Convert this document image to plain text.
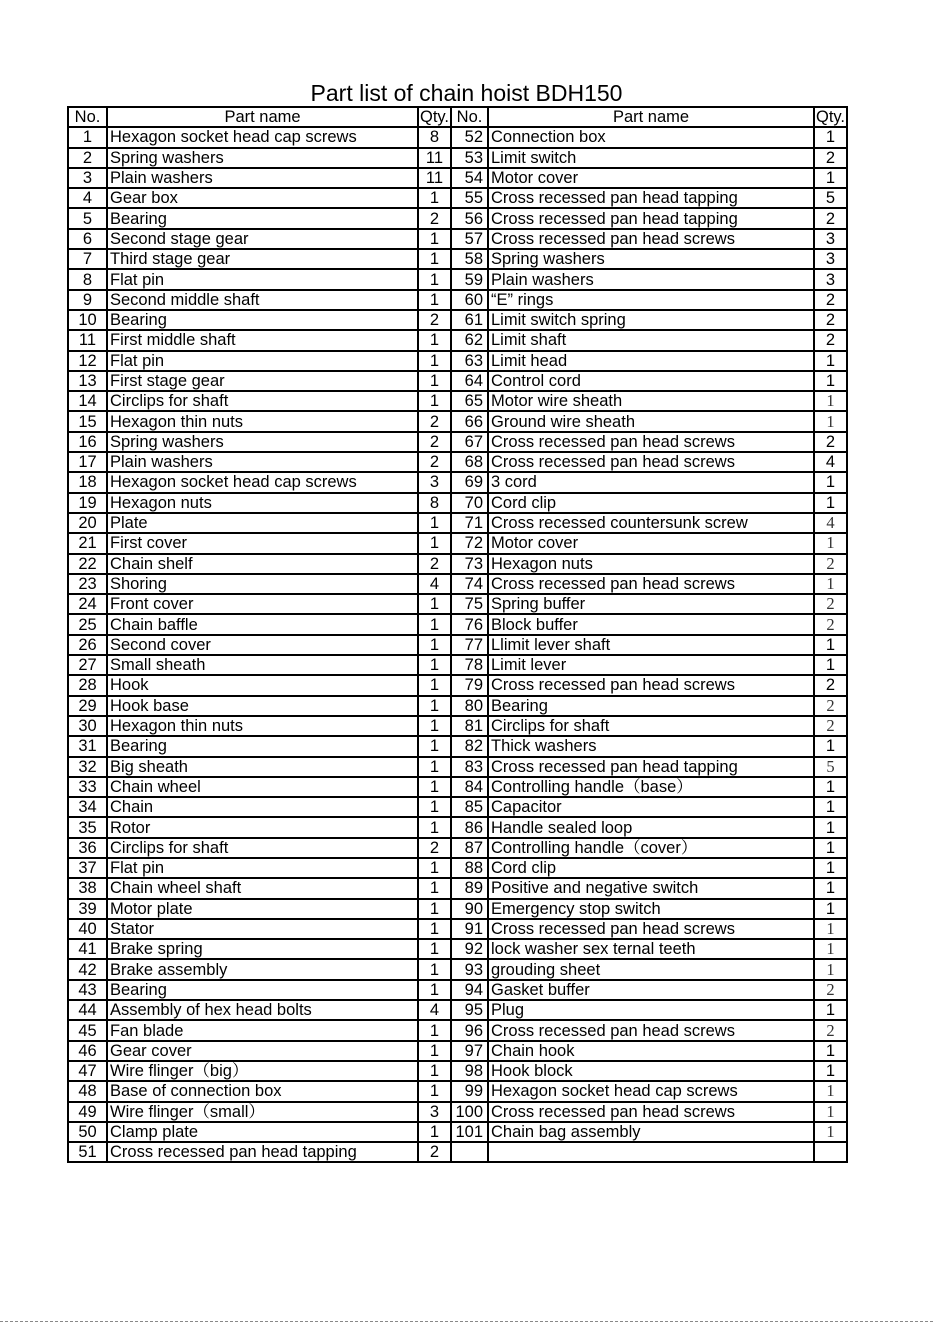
Part list of chain hoist BDH150
No.	Part name	Qty.	No.	Part name	Qty.
1	Hexagon socket head cap screws	8	52	Connection box	1
2	Spring washers	11	53	Limit switch	2
3	Plain washers	11	54	Motor cover	1
4	Gear box	1	55	Cross recessed pan head tapping	5
5	Bearing	2	56	Cross recessed pan head tapping	2
6	Second stage gear	1	57	Cross recessed pan head screws	3
7	Third stage gear	1	58	Spring washers	3
8	Flat pin	1	59	Plain washers	3
9	Second middle shaft	1	60	“E” rings	2
10	Bearing	2	61	Limit switch spring	2
11	First middle shaft	1	62	Limit shaft	2
12	Flat pin	1	63	Limit head	1
13	First stage gear	1	64	Control cord	1
14	Circlips for shaft	1	65	Motor wire sheath	1
15	Hexagon thin nuts	2	66	Ground wire sheath	1
16	Spring washers	2	67	Cross recessed pan head screws	2
17	Plain washers	2	68	Cross recessed pan head screws	4
18	Hexagon socket head cap screws	3	69	3 cord	1
19	Hexagon nuts	8	70	Cord clip	1
20	Plate	1	71	Cross recessed countersunk screw	4
21	First cover	1	72	Motor cover	1
22	Chain shelf	2	73	Hexagon nuts	2
23	Shoring	4	74	Cross recessed pan head screws	1
24	Front cover	1	75	Spring buffer	2
25	Chain baffle	1	76	Block buffer	2
26	Second cover	1	77	Llimit lever shaft	1
27	Small sheath	1	78	Limit lever	1
28	Hook	1	79	Cross recessed pan head screws	2
29	Hook base	1	80	Bearing	2
30	Hexagon thin nuts	1	81	Circlips for shaft	2
31	Bearing	1	82	Thick washers	1
32	Big sheath	1	83	Cross recessed pan head tapping	5
33	Chain wheel	1	84	Controlling handle（base）	1
34	Chain	1	85	Capacitor	1
35	Rotor	1	86	Handle sealed loop	1
36	Circlips for shaft	2	87	Controlling handle（cover）	1
37	Flat pin	1	88	Cord clip	1
38	Chain wheel shaft	1	89	Positive and negative switch	1
39	Motor plate	1	90	Emergency stop switch	1
40	Stator	1	91	Cross recessed pan head screws	1
41	Brake spring	1	92	lock washer sex ternal teeth	1
42	Brake assembly	1	93	grouding sheet	1
43	Bearing	1	94	Gasket buffer	2
44	Assembly of hex head bolts	4	95	Plug	1
45	Fan blade	1	96	Cross recessed pan head screws	2
46	Gear cover	1	97	Chain hook	1
47	Wire flinger（big）	1	98	Hook block	1
48	Base of connection box	1	99	Hexagon socket head cap screws	1
49	Wire flinger（small）	3	100	Cross recessed pan head screws	1
50	Clamp plate	1	101	Chain bag assembly	1
51	Cross recessed pan head tapping	2			
